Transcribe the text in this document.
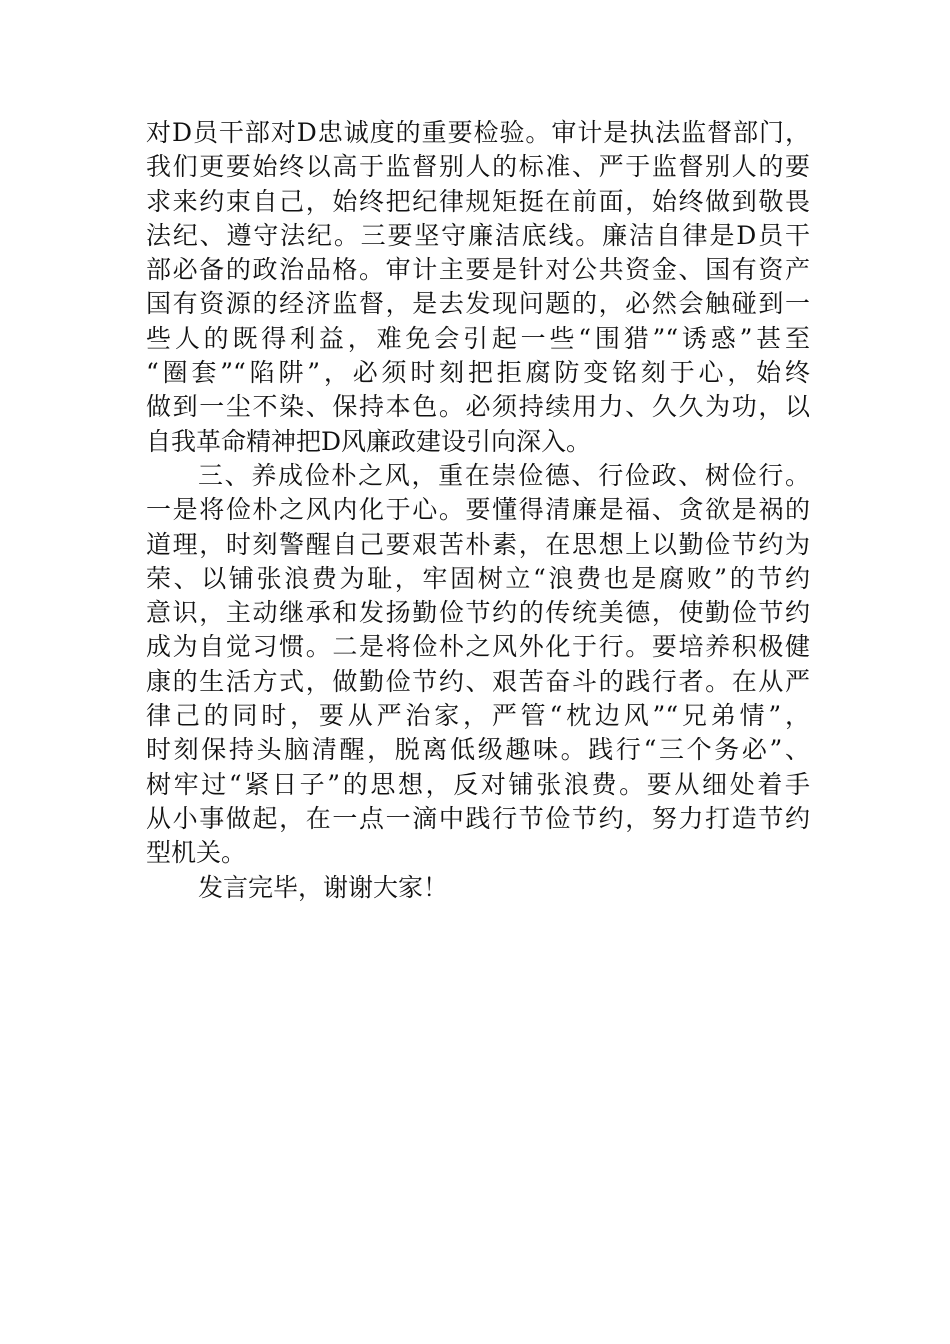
对D员干部对D忠诚度的重要检验。审计是执法监督部门，
我们更要始终以高于监督别人的标准、严于监督别人的要
求来约束自己，始终把纪律规矩挺在前面，始终做到敬畏
法纪、遵守法纪。三要坚守廉洁底线。廉洁自律是D员干
部必备的政治品格。审计主要是针对公共资金、国有资产
国有资源的经济监督，是去发现问题的，必然会触碰到一
些人的既得利益，难免会引起一些“围猎”“诱惑”甚至
“圈套”“陷阱”，必须时刻把拒腐防变铭刻于心，始终
做到一尘不染、保持本色。必须持续用力、久久为功，以
自我革命精神把D风廉政建设引向深入。
三、养成俭朴之风，重在崇俭德、行俭政、树俭行。
一是将俭朴之风内化于心。要懂得清廉是福、贪欲是祸的
道理，时刻警醒自己要艰苦朴素，在思想上以勤俭节约为
荣、以铺张浪费为耻，牢固树立“浪费也是腐败”的节约
意识，主动继承和发扬勤俭节约的传统美德，使勤俭节约
成为自觉习惯。二是将俭朴之风外化于行。要培养积极健
康的生活方式，做勤俭节约、艰苦奋斗的践行者。在从严
律己的同时，要从严治家，严管“枕边风”“兄弟情”，
时刻保持头脑清醒，脱离低级趣味。践行“三个务必”、
树牢过“紧日子”的思想，反对铺张浪费。要从细处着手
从小事做起，在一点一滴中践行节俭节约，努力打造节约
型机关。
发言完毕，谢谢大家！
